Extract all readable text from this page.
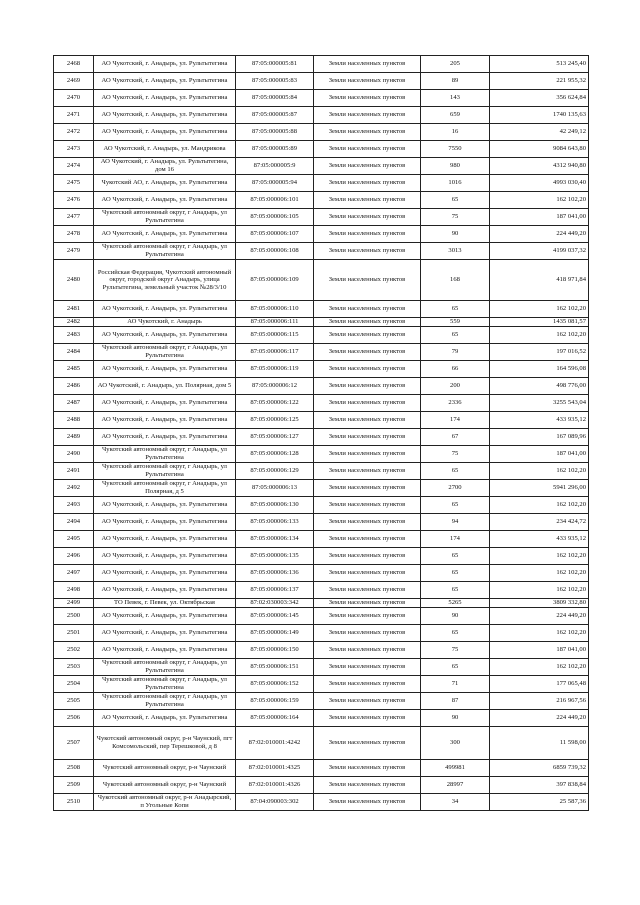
2468	АО Чукотский, г. Анадырь, ул. Рультытегина	87:05:000005:81	Земли населенных пунктов	205	513 245,40
2469	АО Чукотский, г. Анадырь, ул. Рультытегина	87:05:000005:83	Земли населенных пунктов	89	221 955,32
2470	АО Чукотский, г. Анадырь, ул. Рультытегина	87:05:000005:84	Земли населенных пунктов	143	356 624,84
2471	АО Чукотский, г. Анадырь, ул. Рультытегина	87:05:000005:87	Земли населенных пунктов	659	1740 135,63
2472	АО Чукотский, г. Анадырь, ул. Рультытегина	87:05:000005:88	Земли населенных пунктов	16	42 249,12
2473	АО Чукотский, г. Анадырь, ул. Мандрикова	87:05:000005:89	Земли населенных пунктов	7550	9084 643,80
2474	АО Чукотский, г. Анадырь, ул. Рультытегина, дом 16	87:05:000005:9	Земли населенных пунктов	980	4312 940,80
2475	Чукотский АО, г. Анадырь, ул. Рультытегина	87:05:000005:94	Земли населенных пунктов	1016	4993 030,40
2476	АО Чукотский, г. Анадырь, ул. Рультытегина	87:05:000006:101	Земли населенных пунктов	65	162 102,20
2477	Чукотский автономный округ, г Анадырь, ул Рультытегина	87:05:000006:105	Земли населенных пунктов	75	187 041,00
2478	АО Чукотский, г. Анадырь, ул. Рультытегина	87:05:000006:107	Земли населенных пунктов	90	224 449,20
2479	Чукотский автономный округ, г Анадырь, ул Рультытегина	87:05:000006:108	Земли населенных пунктов	3013	4199 037,32
2480	Российская Федерация, Чукотский автономный округ, городской округ Анадырь, улица Рультытегина, земельный участок №28/3/10	87:05:000006:109	Земли населенных пунктов	168	418 971,84
2481	АО Чукотский, г. Анадырь, ул. Рультытегина	87:05:000006:110	Земли населенных пунктов	65	162 102,20
2482	АО Чукотский, г. Анадырь	87:05:000006:111	Земли населенных пунктов	559	1435 081,57
2483	АО Чукотский, г. Анадырь, ул. Рультытегина	87:05:000006:115	Земли населенных пунктов	65	162 102,20
2484	Чукотский автономный округ, г Анадырь, ул Рультытегина	87:05:000006:117	Земли населенных пунктов	79	197 016,52
2485	АО Чукотский, г. Анадырь, ул. Рультытегина	87:05:000006:119	Земли населенных пунктов	66	164 596,08
2486	АО Чукотский, г. Анадырь, ул. Полярная, дом 5	87:05:000006:12	Земли населенных пунктов	200	498 776,00
2487	АО Чукотский, г. Анадырь, ул. Рультытегина	87:05:000006:122	Земли населенных пунктов	2336	3255 543,04
2488	АО Чукотский, г. Анадырь, ул. Рультытегина	87:05:000006:125	Земли населенных пунктов	174	433 935,12
2489	АО Чукотский, г. Анадырь, ул. Рультытегина	87:05:000006:127	Земли населенных пунктов	67	167 089,96
2490	Чукотский автономный округ, г Анадырь, ул Рультытегина	87:05:000006:128	Земли населенных пунктов	75	187 041,00
2491	Чукотский автономный округ, г Анадырь, ул Рультытегина	87:05:000006:129	Земли населенных пунктов	65	162 102,20
2492	Чукотский автономный округ, г Анадырь, ул Полярная, д 5	87:05:000006:13	Земли населенных пунктов	2700	5941 296,00
2493	АО Чукотский, г. Анадырь, ул. Рультытегина	87:05:000006:130	Земли населенных пунктов	65	162 102,20
2494	АО Чукотский, г. Анадырь, ул. Рультытегина	87:05:000006:133	Земли населенных пунктов	94	234 424,72
2495	АО Чукотский, г. Анадырь, ул. Рультытегина	87:05:000006:134	Земли населенных пунктов	174	433 935,12
2496	АО Чукотский, г. Анадырь, ул. Рультытегина	87:05:000006:135	Земли населенных пунктов	65	162 102,20
2497	АО Чукотский, г. Анадырь, ул. Рультытегина	87:05:000006:136	Земли населенных пунктов	65	162 102,20
2498	АО Чукотский, г. Анадырь, ул. Рультытегина	87:05:000006:137	Земли населенных пунктов	65	162 102,20
2499	ТО Певек, г. Певек, ул. Октябрьская	87:02:030003:342	Земли населенных пунктов	5265	3809 332,80
2500	АО Чукотский, г. Анадырь, ул. Рультытегина	87:05:000006:145	Земли населенных пунктов	90	224 449,20
2501	АО Чукотский, г. Анадырь, ул. Рультытегина	87:05:000006:149	Земли населенных пунктов	65	162 102,20
2502	АО Чукотский, г. Анадырь, ул. Рультытегина	87:05:000006:150	Земли населенных пунктов	75	187 041,00
2503	Чукотский автономный округ, г Анадырь, ул Рультытегина	87:05:000006:151	Земли населенных пунктов	65	162 102,20
2504	Чукотский автономный округ, г Анадырь, ул Рультытегина	87:05:000006:152	Земли населенных пунктов	71	177 065,48
2505	Чукотский автономный округ, г Анадырь, ул Рультытегина	87:05:000006:159	Земли населенных пунктов	87	216 967,56
2506	АО Чукотский, г. Анадырь, ул. Рультытегина	87:05:000006:164	Земли населенных пунктов	90	224 449,20
2507	Чукотский автономный округ, р-н Чаунский, пгт Комсомольский, пер Терешковой, д 8	87:02:010001:4242	Земли населенных пунктов	300	11 598,00
2508	Чукотский автономный округ, р-н Чаунский	87:02:010001:4325	Земли населенных пунктов	499981	6859 739,32
2509	Чукотский автономный округ, р-н Чаунский	87:02:010001:4326	Земли населенных пунктов	28997	397 838,84
2510	Чукотский автономный округ, р-н Анадырский, п Угольные Копи	87:04:090003:302	Земли населенных пунктов	34	25 587,36
